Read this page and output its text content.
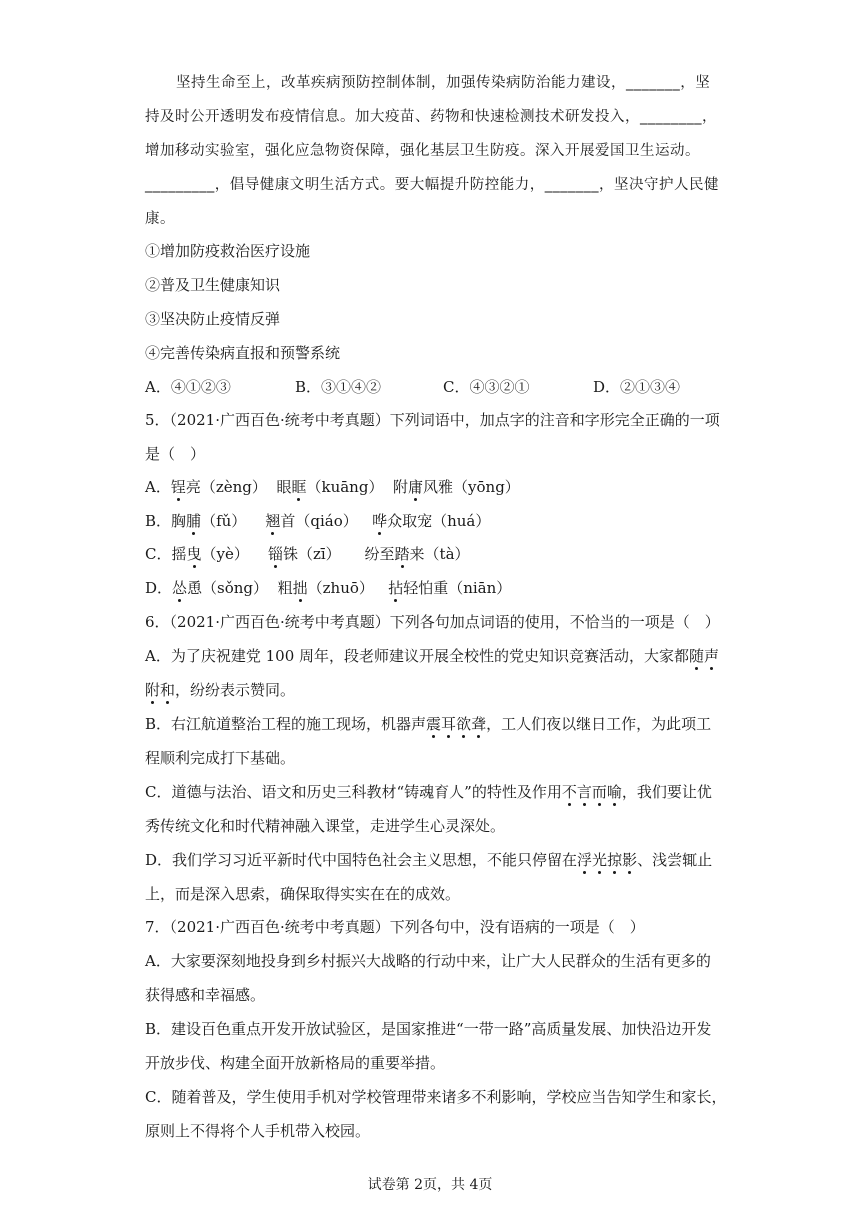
坚持生命至上，改革疾病预防控制体制，加强传染病防治能力建设，_______，坚
持及时公开透明发布疫情信息。加大疫苗、药物和快速检测技术研发投入，________，
增加移动实验室，强化应急物资保障，强化基层卫生防疫。深入开展爱国卫生运动。
_________，倡导健康文明生活方式。要大幅提升防控能力，_______，坚决守护人民健
康。
①增加防疫救治医疗设施
②普及卫生健康知识
③坚决防止疫情反弹
④完善传染病直报和预警系统
A．④①②③	B．③①④②	C．④③②①	D．②①③④
5．（2021·广西百色·统考中考真题）下列词语中，加点字的注音和字形完全正确的一项
是（　）
A．锃亮（zèng） 眼眶（kuāng） 附庸风雅（yōng）
B．胸脯（fǔ） 翘首（qiáo） 哗众取宠（huá）
C．摇曳（yè） 锱铢（zī） 纷至踏来（tà）
D．怂恿（sǒng） 粗拙（zhuō） 拈轻怕重（niān）
6．（2021·广西百色·统考中考真题）下列各句加点词语的使用，不恰当的一项是（　）
A．为了庆祝建党 100 周年，段老师建议开展全校性的党史知识竞赛活动，大家都随声
附和，纷纷表示赞同。
B．右江航道整治工程的施工现场，机器声震耳欲聋，工人们夜以继日工作，为此项工
程顺利完成打下基础。
C．道德与法治、语文和历史三科教材“铸魂育人”的特性及作用不言而喻，我们要让优
秀传统文化和时代精神融入课堂，走进学生心灵深处。
D．我们学习习近平新时代中国特色社会主义思想，不能只停留在浮光掠影、浅尝辄止
上，而是深入思索，确保取得实实在在的成效。
7．（2021·广西百色·统考中考真题）下列各句中，没有语病的一项是（　）
A．大家要深刻地投身到乡村振兴大战略的行动中来，让广大人民群众的生活有更多的
获得感和幸福感。
B．建设百色重点开发开放试验区，是国家推进“一带一路”高质量发展、加快沿边开发
开放步伐、构建全面开放新格局的重要举措。
C．随着普及，学生使用手机对学校管理带来诸多不利影响，学校应当告知学生和家长，
原则上不得将个人手机带入校园。
试卷第 2页，共 4页
